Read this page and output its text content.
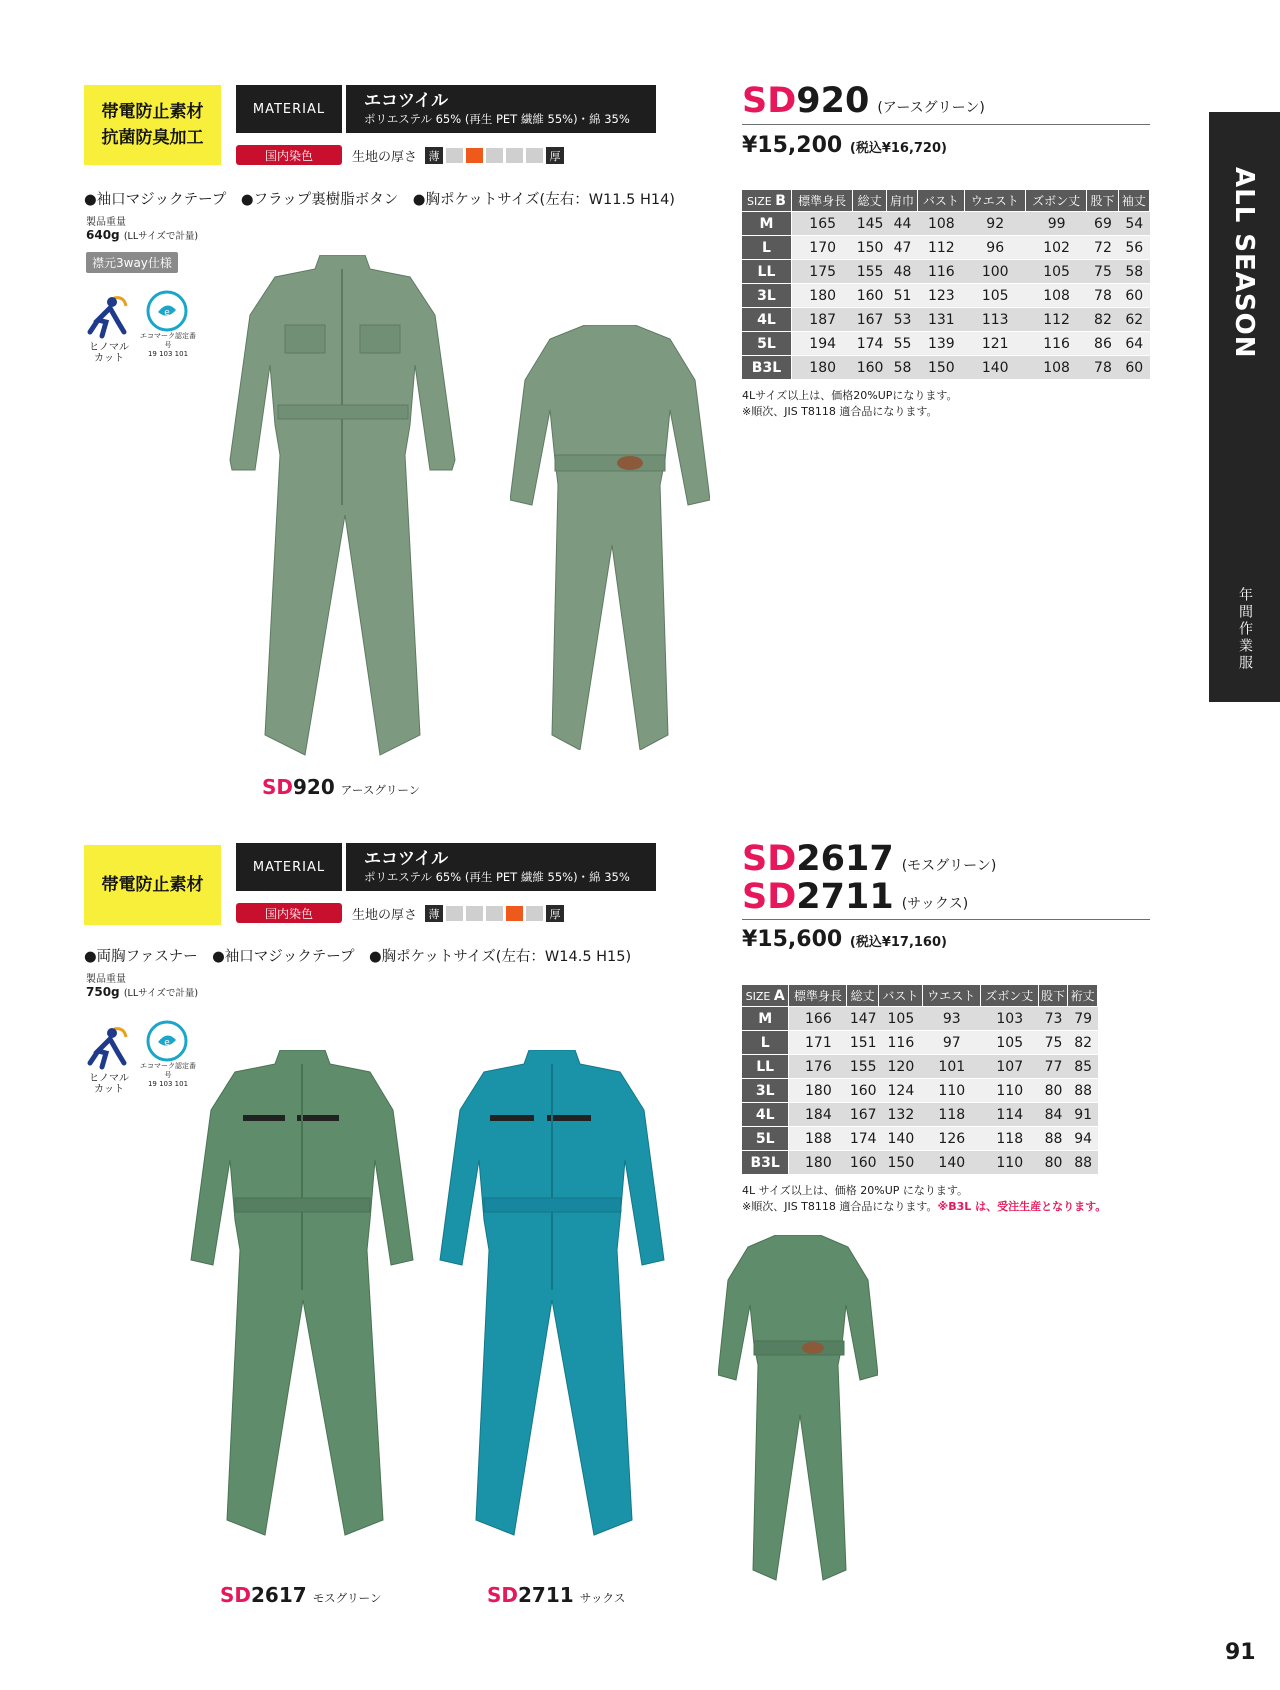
帯電防止素材
抗菌防臭加工
MATERIAL	エコツイル
ポリエステル 65% (再生 PET 繊維 55%)・綿 35%
国内染色	生地の厚さ	薄	厚
●袖口マジックテープ　●フラップ裏樹脂ボタン　●胸ポケットサイズ(左右：W11.5 H14)
製品重量
640g (LLサイズで計量)
襟元3way仕様
ヒノマル
カット
e
エコマーク認定番号
19 103 101
SD920 アースグリーン
SD920 (アースグリーン)
¥15,200 (税込¥16,720)
SIZE B	標準身長	総丈	肩巾	バスト	ウエスト	ズボン丈	股下	袖丈
M	165	145	44	108	92	99	69	54
L	170	150	47	112	96	102	72	56
LL	175	155	48	116	100	105	75	58
3L	180	160	51	123	105	108	78	60
4L	187	167	53	131	113	112	82	62
5L	194	174	55	139	121	116	86	64
B3L	180	160	58	150	140	108	78	60
4Lサイズ以上は、価格20%UPになります。
※順次、JIS T8118 適合品になります。
帯電防止素材
MATERIAL	エコツイル
ポリエステル 65% (再生 PET 繊維 55%)・綿 35%
国内染色	生地の厚さ	薄	厚
●両胸ファスナー　●袖口マジックテープ　●胸ポケットサイズ(左右：W14.5 H15)
製品重量
750g (LLサイズで計量)
ヒノマル
カット
e
エコマーク認定番号
19 103 101
SD2617 モスグリーン	SD2711 サックス
SD2617 (モスグリーン)
SD2711 (サックス)
¥15,600 (税込¥17,160)
SIZE A	標準身長	総丈	バスト	ウエスト	ズボン丈	股下	裄丈
M	166	147	105	93	103	73	79
L	171	151	116	97	105	75	82
LL	176	155	120	101	107	77	85
3L	180	160	124	110	110	80	88
4L	184	167	132	118	114	84	91
5L	188	174	140	126	118	88	94
B3L	180	160	150	140	110	80	88
4L サイズ以上は、価格 20%UP になります。
※順次、JIS T8118 適合品になります。※B3L は、受注生産となります。
ALL SEASON
年間作業服
91
